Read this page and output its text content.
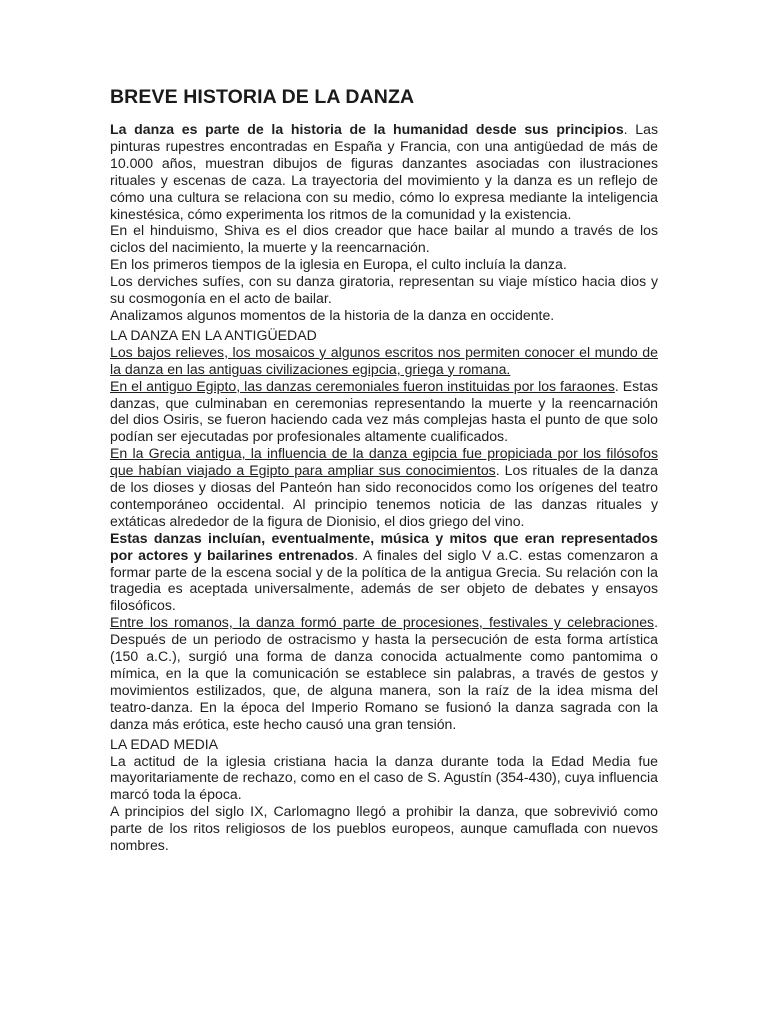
BREVE HISTORIA DE LA DANZA

La danza es parte de la historia de la humanidad desde sus principios. Las pinturas rupestres encontradas en España y Francia, con una antigüedad de más de 10.000 años, muestran dibujos de figuras danzantes asociadas con ilustraciones rituales y escenas de caza. La trayectoria del movimiento y la danza es un reflejo de cómo una cultura se relaciona con su medio, cómo lo expresa mediante la inteligencia kinestésica, cómo experimenta los ritmos de la comunidad y la existencia.

En el hinduismo, Shiva es el dios creador que hace bailar al mundo a través de los ciclos del nacimiento, la muerte y la reencarnación.

En los primeros tiempos de la iglesia en Europa, el culto incluía la danza.

Los derviches sufíes, con su danza giratoria, representan su viaje místico hacia dios y su cosmogonía en el acto de bailar.

Analizamos algunos momentos de la historia de la danza en occidente.

LA DANZA EN LA ANTIGÜEDAD

Los bajos relieves, los mosaicos y algunos escritos nos permiten conocer el mundo de la danza en las antiguas civilizaciones egipcia, griega y romana.

En el antiguo Egipto, las danzas ceremoniales fueron instituidas por los faraones. Estas danzas, que culminaban en ceremonias representando la muerte y la reencarnación del dios Osiris, se fueron haciendo cada vez más complejas hasta el punto de que solo podían ser ejecutadas por profesionales altamente cualificados.

En la Grecia antigua, la influencia de la danza egipcia fue propiciada por los filósofos que habían viajado a Egipto para ampliar sus conocimientos. Los rituales de la danza de los dioses y diosas del Panteón han sido reconocidos como los orígenes del teatro contemporáneo occidental. Al principio tenemos noticia de las danzas rituales y extáticas alrededor de la figura de Dionisio, el dios griego del vino.

Estas danzas incluían, eventualmente, música y mitos que eran representados por actores y bailarines entrenados. A finales del siglo V a.C. estas comenzaron a formar parte de la escena social y de la política de la antigua Grecia. Su relación con la tragedia es aceptada universalmente, además de ser objeto de debates y ensayos filosóficos.

Entre los romanos, la danza formó parte de procesiones, festivales y celebraciones. Después de un periodo de ostracismo y hasta la persecución de esta forma artística (150 a.C.), surgió una forma de danza conocida actualmente como pantomima o mímica, en la que la comunicación se establece sin palabras, a través de gestos y movimientos estilizados, que, de alguna manera, son la raíz de la idea misma del teatro-danza. En la época del Imperio Romano se fusionó la danza sagrada con la danza más erótica, este hecho causó una gran tensión.

LA EDAD MEDIA

La actitud de la iglesia cristiana hacia la danza durante toda la Edad Media fue mayoritariamente de rechazo, como en el caso de S. Agustín (354-430), cuya influencia marcó toda la época.

A principios del siglo IX, Carlomagno llegó a prohibir la danza, que sobrevivió como parte de los ritos religiosos de los pueblos europeos, aunque camuflada con nuevos nombres.
